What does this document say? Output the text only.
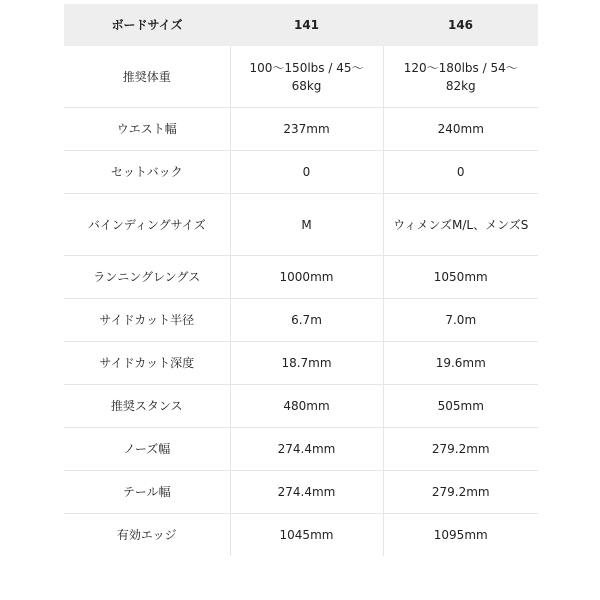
ボードサイズ	141	146
推奨体重	100〜150lbs / 45〜68kg	120〜180lbs / 54〜82kg
ウエスト幅	237mm	240mm
セットバック	0	0
バインディングサイズ	M	ウィメンズM/L、メンズS
ランニングレングス	1000mm	1050mm
サイドカット半径	6.7m	7.0m
サイドカット深度	18.7mm	19.6mm
推奨スタンス	480mm	505mm
ノーズ幅	274.4mm	279.2mm
テール幅	274.4mm	279.2mm
有効エッジ	1045mm	1095mm
